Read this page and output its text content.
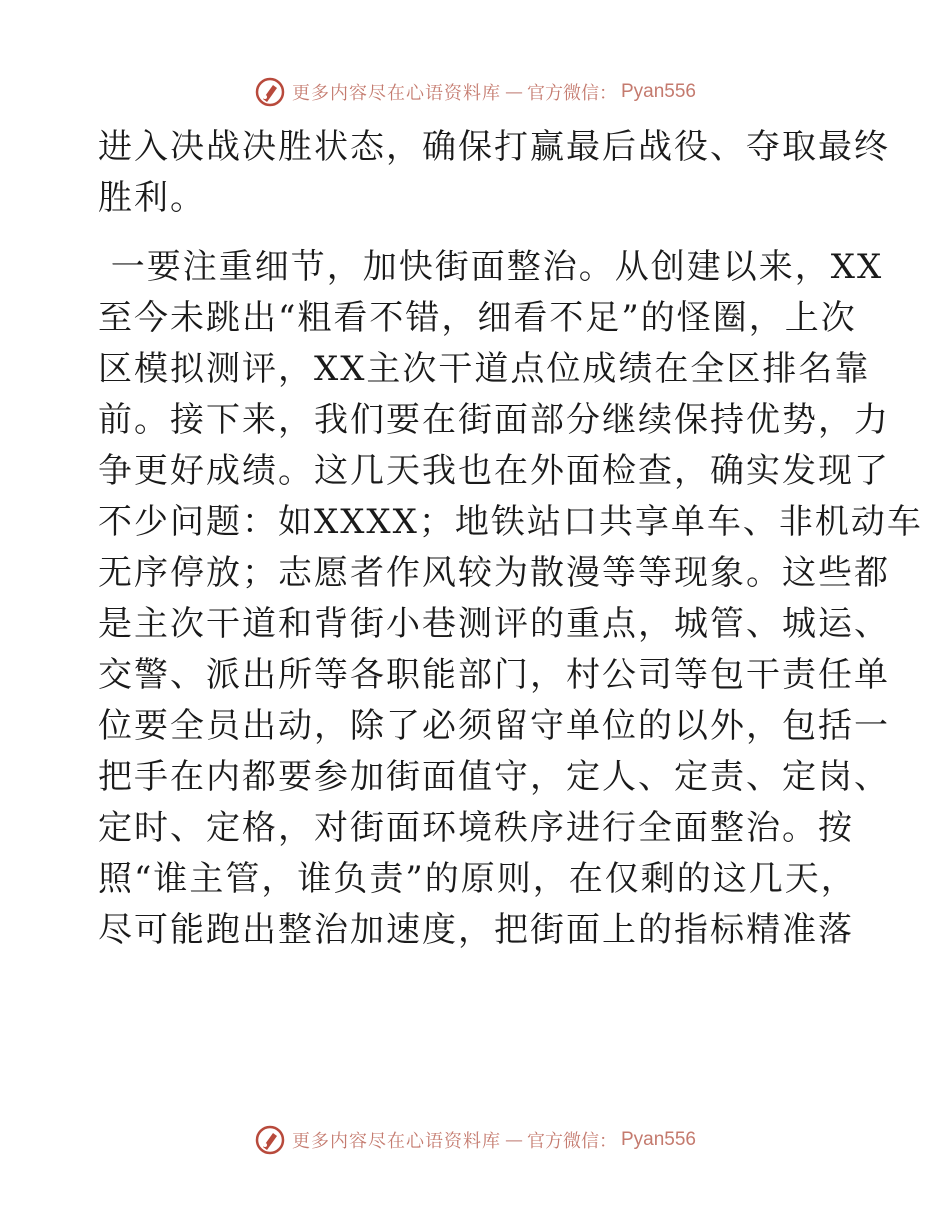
更多内容尽在心语资料库 — 官方微信： Pyan556

进入决战决胜状态，确保打赢最后战役、夺取最终
胜利。

一要注重细节，加快街面整治。从创建以来，XX
至今未跳出“粗看不错，细看不足”的怪圈，上次
区模拟测评，XX主次干道点位成绩在全区排名靠
前。接下来，我们要在街面部分继续保持优势，力
争更好成绩。这几天我也在外面检查，确实发现了
不少问题：如XXXX；地铁站口共享单车、非机动车
无序停放；志愿者作风较为散漫等等现象。这些都
是主次干道和背街小巷测评的重点，城管、城运、
交警、派出所等各职能部门，村公司等包干责任单
位要全员出动，除了必须留守单位的以外，包括一
把手在内都要参加街面值守，定人、定责、定岗、
定时、定格，对街面环境秩序进行全面整治。按
照“谁主管，谁负责”的原则，在仅剩的这几天，
尽可能跑出整治加速度，把街面上的指标精准落

更多内容尽在心语资料库 — 官方微信： Pyan556
